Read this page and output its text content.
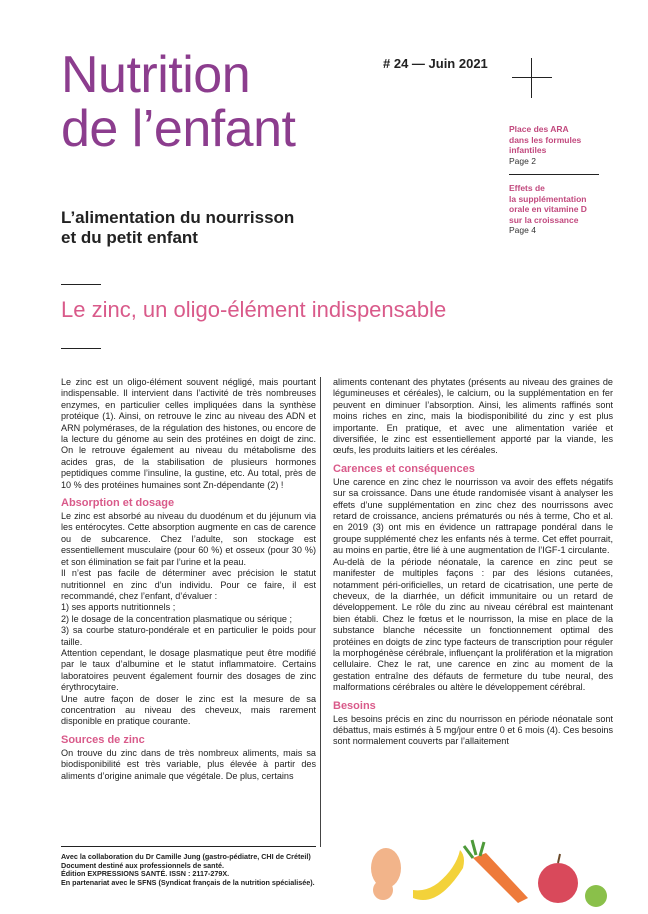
Nutrition
de l’enfant
# 24 — Juin 2021
L’alimentation du nourrisson
et du petit enfant
Place des ARA
dans les formules
infantiles
Page 2
Effets de
la supplémentation
orale en vitamine D
sur la croissance
Page 4
Le zinc, un oligo-élément indispensable

Le zinc est un oligo-élément souvent négligé, mais pourtant indispensable. Il intervient dans l’activité de très nombreuses enzymes, en particulier celles impliquées dans la synthèse protéique (1). Ainsi, on retrouve le zinc au niveau des ADN et ARN polymérases, de la régulation des histones, ou encore de la lecture du génome au sein des protéines en doigt de zinc. On le retrouve également au niveau du métabolisme des acides gras, de la stabilisation de plusieurs hormones peptidiques comme l’insuline, la gustine, etc. Au total, près de 10 % des protéines humaines sont Zn-dépendante (2) !

Absorption et dosage

Le zinc est absorbé au niveau du duodénum et du jéjunum via les entérocytes. Cette absorption augmente en cas de carence ou de subcarence. Chez l’adulte, son stockage est essentiellement musculaire (pour 60 %) et osseux (pour 30 %) et son élimination se fait par l’urine et la peau.

Il n’est pas facile de déterminer avec précision le statut nutritionnel en zinc d’un individu. Pour ce faire, il est recommandé, chez l’enfant, d’évaluer :

1) ses apports nutritionnels ;

2) le dosage de la concentration plasmatique ou sérique ;

3) sa courbe staturo-pondérale et en particulier le poids pour taille.

Attention cependant, le dosage plasmatique peut être modifié par le taux d’albumine et le statut inflammatoire. Certains laboratoires peuvent également fournir des dosages de zinc érythrocytaire.

Une autre façon de doser le zinc est la mesure de sa concentration au niveau des cheveux, mais rarement disponible en pratique courante.

Sources de zinc

On trouve du zinc dans de très nombreux aliments, mais sa biodisponibilité est très variable, plus élevée à partir des aliments d’origine animale que végétale. De plus, certains

aliments contenant des phytates (présents au niveau des graines de légumineuses et céréales), le calcium, ou la supplémentation en fer peuvent en diminuer l’absorption. Ainsi, les aliments raffinés sont moins riches en zinc, mais la biodisponibilité du zinc y est plus importante. En pratique, et avec une alimentation variée et diversifiée, le zinc est essentiellement apporté par la viande, les œufs, les produits laitiers et les céréales.

Carences et conséquences

Une carence en zinc chez le nourrisson va avoir des effets négatifs sur sa croissance. Dans une étude randomisée visant à analyser les effets d’une supplémentation en zinc chez des nourrissons avec retard de croissance, anciens prématurés ou nés à terme, Cho et al. en 2019 (3) ont mis en évidence un rattrapage pondéral dans le groupe supplémenté chez les enfants nés à terme. Cet effet pourrait, au moins en partie, être lié à une augmentation de l’IGF-1 circulante.

Au-delà de la période néonatale, la carence en zinc peut se manifester de multiples façons : par des lésions cutanées, notamment péri-orificielles, un retard de cicatrisation, une perte de cheveux, de la diarrhée, un déficit immunitaire ou un retard de développement. Le rôle du zinc au niveau cérébral est maintenant bien établi. Chez le fœtus et le nourrisson, la mise en place de la substance blanche nécessite un fonctionnement optimal des protéines en doigts de zinc type facteurs de transcription pour réguler la morphogénèse cérébrale, influençant la prolifération et la migration cellulaire. Chez le rat, une carence en zinc au moment de la gestation entraîne des défauts de fermeture du tube neural, des malformations cérébrales ou altère le développement cérébral.

Besoins

Les besoins précis en zinc du nourrisson en période néonatale sont débattus, mais estimés à 5 mg/jour entre 0 et 6 mois (4). Ces besoins sont normalement couverts par l’allaitement

Avec la collaboration du Dr Camille Jung (gastro-pédiatre, CHI de Créteil)
Document destiné aux professionnels de santé.
Édition EXPRESSIONS SANTÉ. ISSN : 2117-279X.
En partenariat avec le SFNS (Syndicat français de la nutrition spécialisée).
